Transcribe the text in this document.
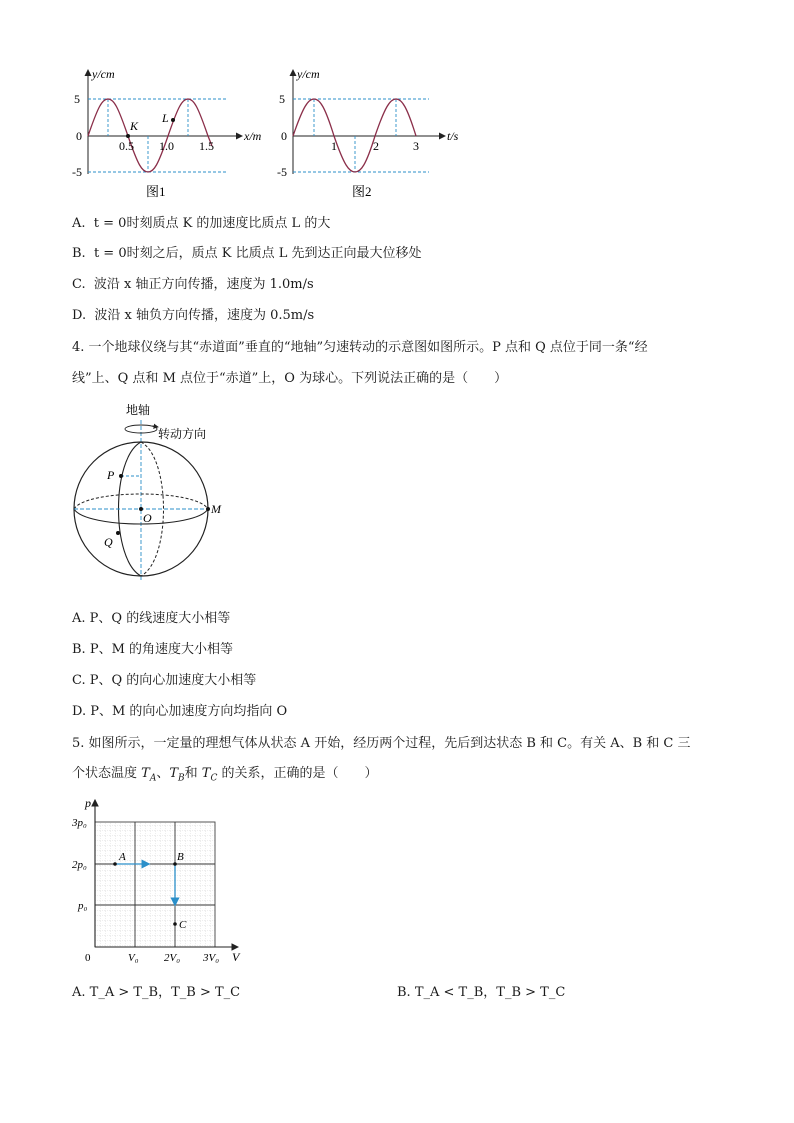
K
L
y/cm
x/m
5
0
-5
0.5 1.0 1.5
图1
y/cm
t/s
5
0
-5
1	2	3
图2
A. t = 0时刻质点 K 的加速度比质点 L 的大
B. t = 0时刻之后，质点 K 比质点 L 先到达正向最大位移处
C. 波沿 x 轴正方向传播，速度为 1.0m/s
D. 波沿 x 轴负方向传播，速度为 0.5m/s
4. 一个地球仪绕与其“赤道面”垂直的“地轴”匀速转动的示意图如图所示。P 点和 Q 点位于同一条“经
线”上、Q 点和 M 点位于“赤道”上，O 为球心。下列说法正确的是（　　）
地轴
转动方向
P
O
M
Q
A. P、Q 的线速度大小相等
B. P、M 的角速度大小相等
C. P、Q 的向心加速度大小相等
D. P、M 的向心加速度方向均指向 O
5. 如图所示，一定量的理想气体从状态 A 开始，经历两个过程，先后到达状态 B 和 C。有关 A、B 和 C 三
个状态温度 $T_A$、$T_B$和 $T_C$ 的关系，正确的是（　　）
A	B
C
p
V
0
3p₀
2p₀
p₀
V₀ 2V₀ 3V₀
A. T_A > T_B，T_B > T_C	B. T_A < T_B，T_B > T_C
